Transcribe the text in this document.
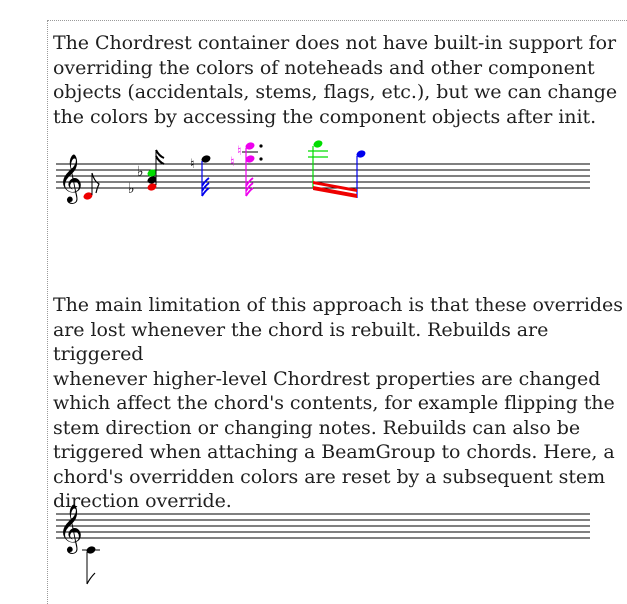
The Chordrest container does not have built-in support for
overriding the colors of noteheads and other component
objects (accidentals, stems, flags, etc.), but we can change
the colors by accessing the component objects after init.

𝄞	♭
♭	♮	♮
♮

The main limitation of this approach is that these overrides
are lost whenever the chord is rebuilt. Rebuilds are triggered
whenever higher-level Chordrest properties are changed
which affect the chord's contents, for example flipping the
stem direction or changing notes. Rebuilds can also be
triggered when attaching a BeamGroup to chords. Here, a
chord's overridden colors are reset by a subsequent stem
direction override.

𝄞
